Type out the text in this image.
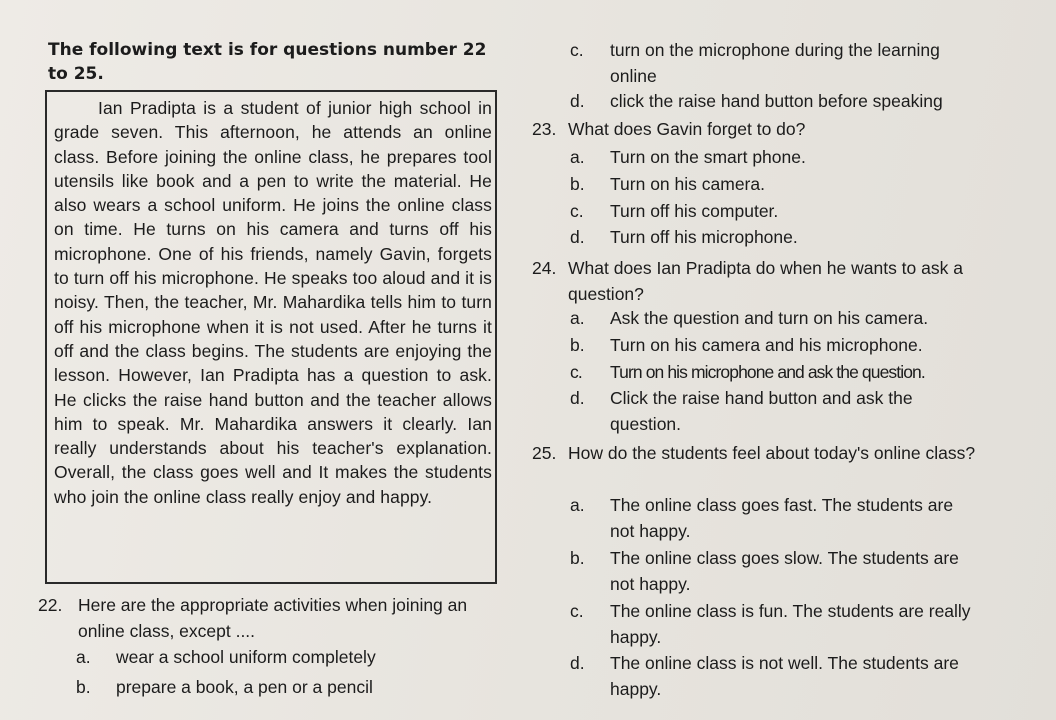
The following text is for questions number 22 to 25.

Ian Pradipta is a student of junior high school in grade seven. This afternoon, he attends an online class. Before joining the online class, he prepares tool utensils like book and a pen to write the material. He also wears a school uniform. He joins the online class on time. He turns on his camera and turns off his microphone. One of his friends, namely Gavin, forgets to turn off his microphone. He speaks too aloud and it is noisy. Then, the teacher, Mr. Mahardika tells him to turn off his microphone when it is not used. After he turns it off and the class begins. The students are enjoying the lesson. However, Ian Pradipta has a question to ask. He clicks the raise hand button and the teacher allows him to speak. Mr. Mahardika answers it clearly. Ian really understands about his teacher's explanation. Overall, the class goes well and It makes the students who join the online class really enjoy and happy.

22. Here are the appropriate activities when joining an online class, except ....
a. wear a school uniform completely
b. prepare a book, a pen or a pencil
c. turn on the microphone during the learning online
d. click the raise hand button before speaking
23. What does Gavin forget to do?
a. Turn on the smart phone.
b. Turn on his camera.
c. Turn off his computer.
d. Turn off his microphone.
24. What does Ian Pradipta do when he wants to ask a question?
a. Ask the question and turn on his camera.
b. Turn on his camera and his microphone.
c. Turn on his microphone and ask the question.
d. Click the raise hand button and ask the question.
25. How do the students feel about today's online class?
a. The online class goes fast. The students are not happy.
b. The online class goes slow. The students are not happy.
c. The online class is fun. The students are really happy.
d. The online class is not well. The students are happy.
